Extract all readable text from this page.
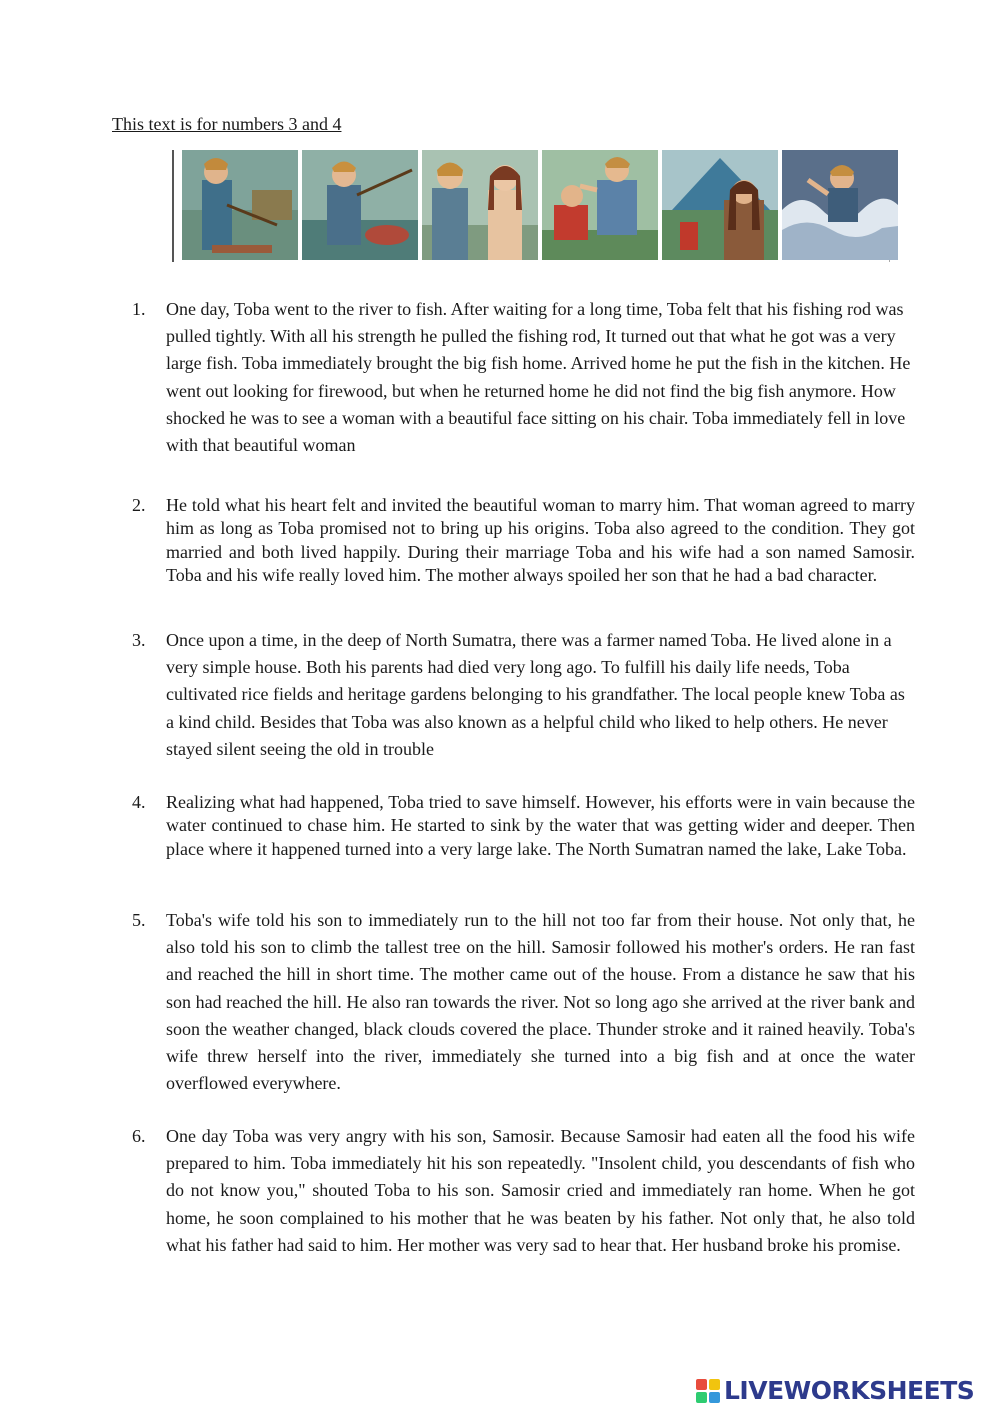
This text is for numbers 3 and 4
1. One day, Toba went to the river to fish. After waiting for a long time, Toba felt that his fishing rod was pulled tightly. With all his strength he pulled the fishing rod, It turned out that what he got was a very large fish. Toba immediately brought the big fish home. Arrived home he put the fish in the kitchen. He went out looking for firewood, but when he returned home he did not find the big fish anymore. How shocked he was to see a woman with a beautiful face sitting on his chair. Toba immediately fell in love with that beautiful woman
2. He told what his heart felt and invited the beautiful woman to marry him. That woman agreed to marry him as long as Toba promised not to bring up his origins. Toba also agreed to the condition. They got married and both lived happily. During their marriage Toba and his wife had a son named Samosir. Toba and his wife really loved him. The mother always spoiled her son that he had a bad character.
3. Once upon a time, in the deep of North Sumatra, there was a farmer named Toba. He lived alone in a very simple house. Both his parents had died very long ago. To fulfill his daily life needs, Toba cultivated rice fields and heritage gardens belonging to his grandfather. The local people knew Toba as a kind child. Besides that Toba was also known as a helpful child who liked to help others. He never stayed silent seeing the old in trouble
4. Realizing what had happened, Toba tried to save himself. However, his efforts were in vain because the water continued to chase him. He started to sink by the water that was getting wider and deeper. Then place where it happened turned into a very large lake. The North Sumatran named the lake, Lake Toba.
5. Toba's wife told his son to immediately run to the hill not too far from their house. Not only that, he also told his son to climb the tallest tree on the hill. Samosir followed his mother's orders. He ran fast and reached the hill in short time. The mother came out of the house. From a distance he saw that his son had reached the hill. He also ran towards the river. Not so long ago she arrived at the river bank and soon the weather changed, black clouds covered the place. Thunder stroke and it rained heavily. Toba's wife threw herself into the river, immediately she turned into a big fish and at once the water overflowed everywhere.
6. One day Toba was very angry with his son, Samosir. Because Samosir had eaten all the food his wife prepared to him. Toba immediately hit his son repeatedly. "Insolent child, you descendants of fish who do not know you," shouted Toba to his son. Samosir cried and immediately ran home. When he got home, he soon complained to his mother that he was beaten by his father. Not only that, he also told what his father had said to him. Her mother was very sad to hear that. Her husband broke his promise.
LIVEWORKSHEETS
